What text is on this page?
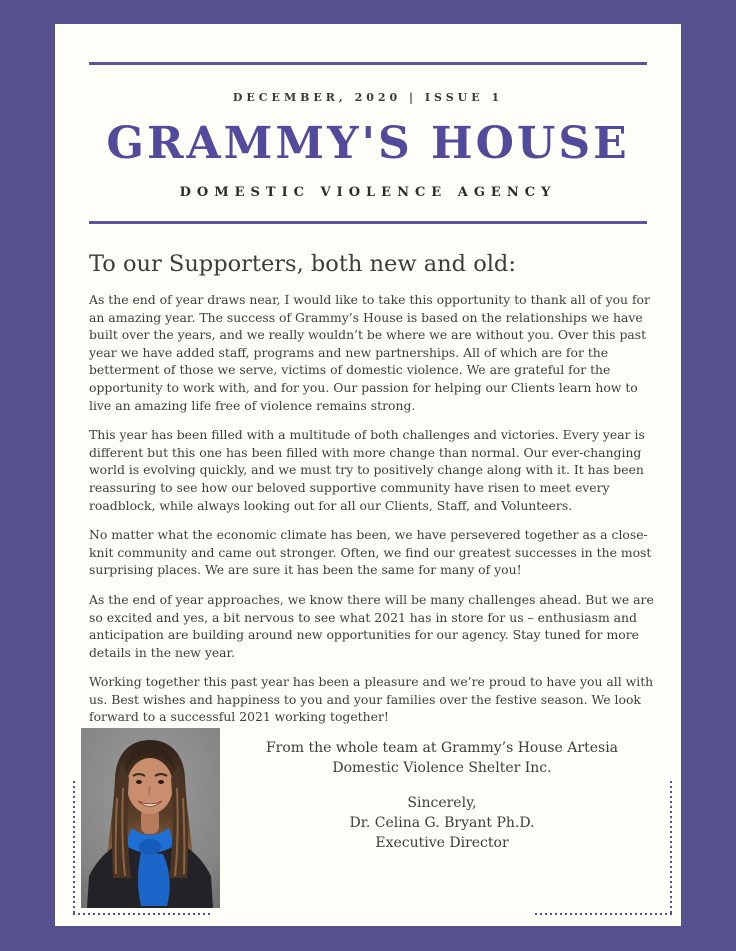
DECEMBER, 2020 | ISSUE 1
GRAMMY'S HOUSE
DOMESTIC VIOLENCE AGENCY
To our Supporters, both new and old:

As the end of year draws near, I would like to take this opportunity to thank all of you for an amazing year. The success of Grammy’s House is based on the relationships we have built over the years, and we really wouldn’t be where we are without you. Over this past year we have added staff, programs and new partnerships. All of which are for the betterment of those we serve, victims of domestic violence. We are grateful for the opportunity to work with, and for you. Our passion for helping our Clients learn how to live an amazing life free of violence remains strong.

This year has been filled with a multitude of both challenges and victories. Every year is different but this one has been filled with more change than normal. Our ever-changing world is evolving quickly, and we must try to positively change along with it. It has been reassuring to see how our beloved supportive community have risen to meet every roadblock, while always looking out for all our Clients, Staff, and Volunteers.

No matter what the economic climate has been, we have persevered together as a close-knit community and came out stronger. Often, we find our greatest successes in the most surprising places. We are sure it has been the same for many of you!

As the end of year approaches, we know there will be many challenges ahead. But we are so excited and yes, a bit nervous to see what 2021 has in store for us – enthusiasm and anticipation are building around new opportunities for our agency. Stay tuned for more details in the new year.

Working together this past year has been a pleasure and we’re proud to have you all with us. Best wishes and happiness to you and your families over the festive season. We look forward to a successful 2021 working together!

From the whole team at Grammy’s House Artesia
Domestic Violence Shelter Inc.
Sincerely,
Dr. Celina G. Bryant Ph.D.
Executive Director
